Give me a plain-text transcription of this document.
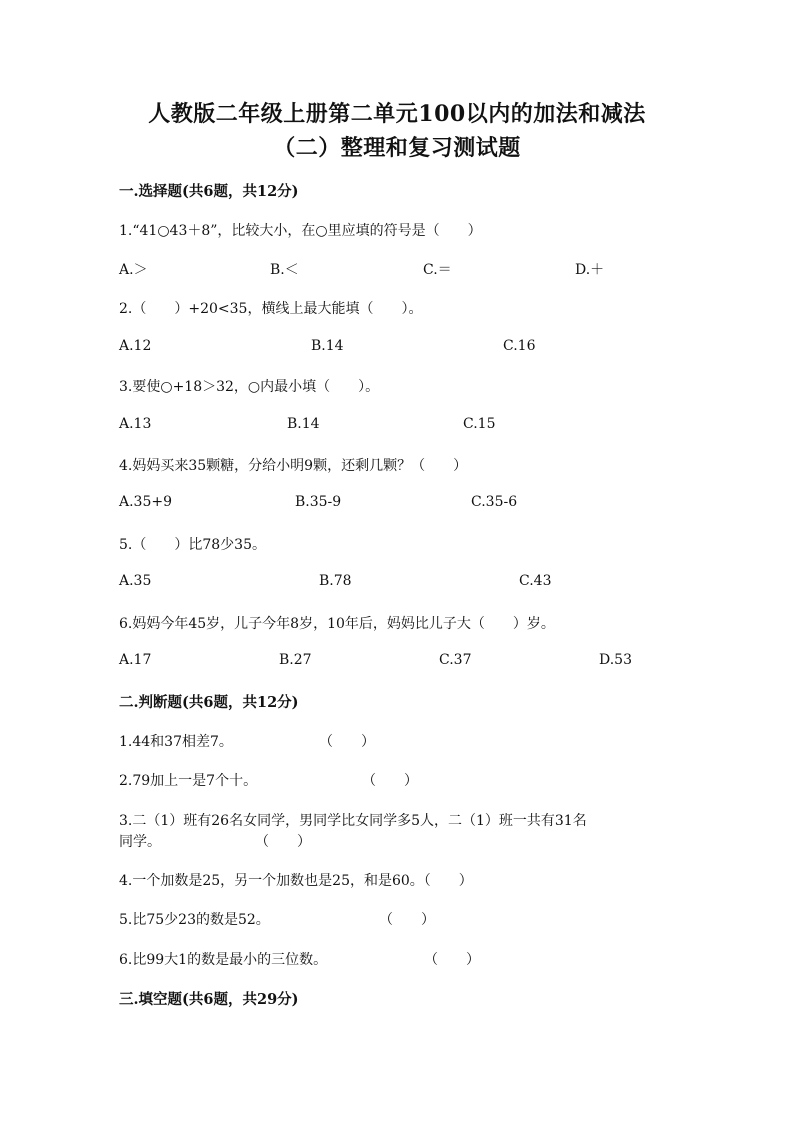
人教版二年级上册第二单元100以内的加法和减法
（二）整理和复习测试题
一.选择题(共6题，共12分)
1.“41○43＋8”，比较大小，在○里应填的符号是（　　）
A.＞	B.＜	C.＝	D.＋
2.（　　）+20<35，横线上最大能填（　　）。
A.12	B.14	C.16
3.要使○+18＞32，○内最小填（　　）。
A.13	B.14	C.15
4.妈妈买来35颗糖，分给小明9颗，还剩几颗？（　　）
A.35+9	B.35-9	C.35-6
5.（　　）比78少35。
A.35	B.78	C.43
6.妈妈今年45岁，儿子今年8岁，10年后，妈妈比儿子大（　　）岁。
A.17	B.27	C.37	D.53
二.判断题(共6题，共12分)
1.44和37相差7。	（　　）
2.79加上一是7个十。	（　　）
3.二（1）班有26名女同学，男同学比女同学多5人，二（1）班一共有31名
同学。	（　　）
4.一个加数是25，另一个加数也是25，和是60。（　　）
5.比75少23的数是52。	（　　）
6.比99大1的数是最小的三位数。	（　　）
三.填空题(共6题，共29分)
